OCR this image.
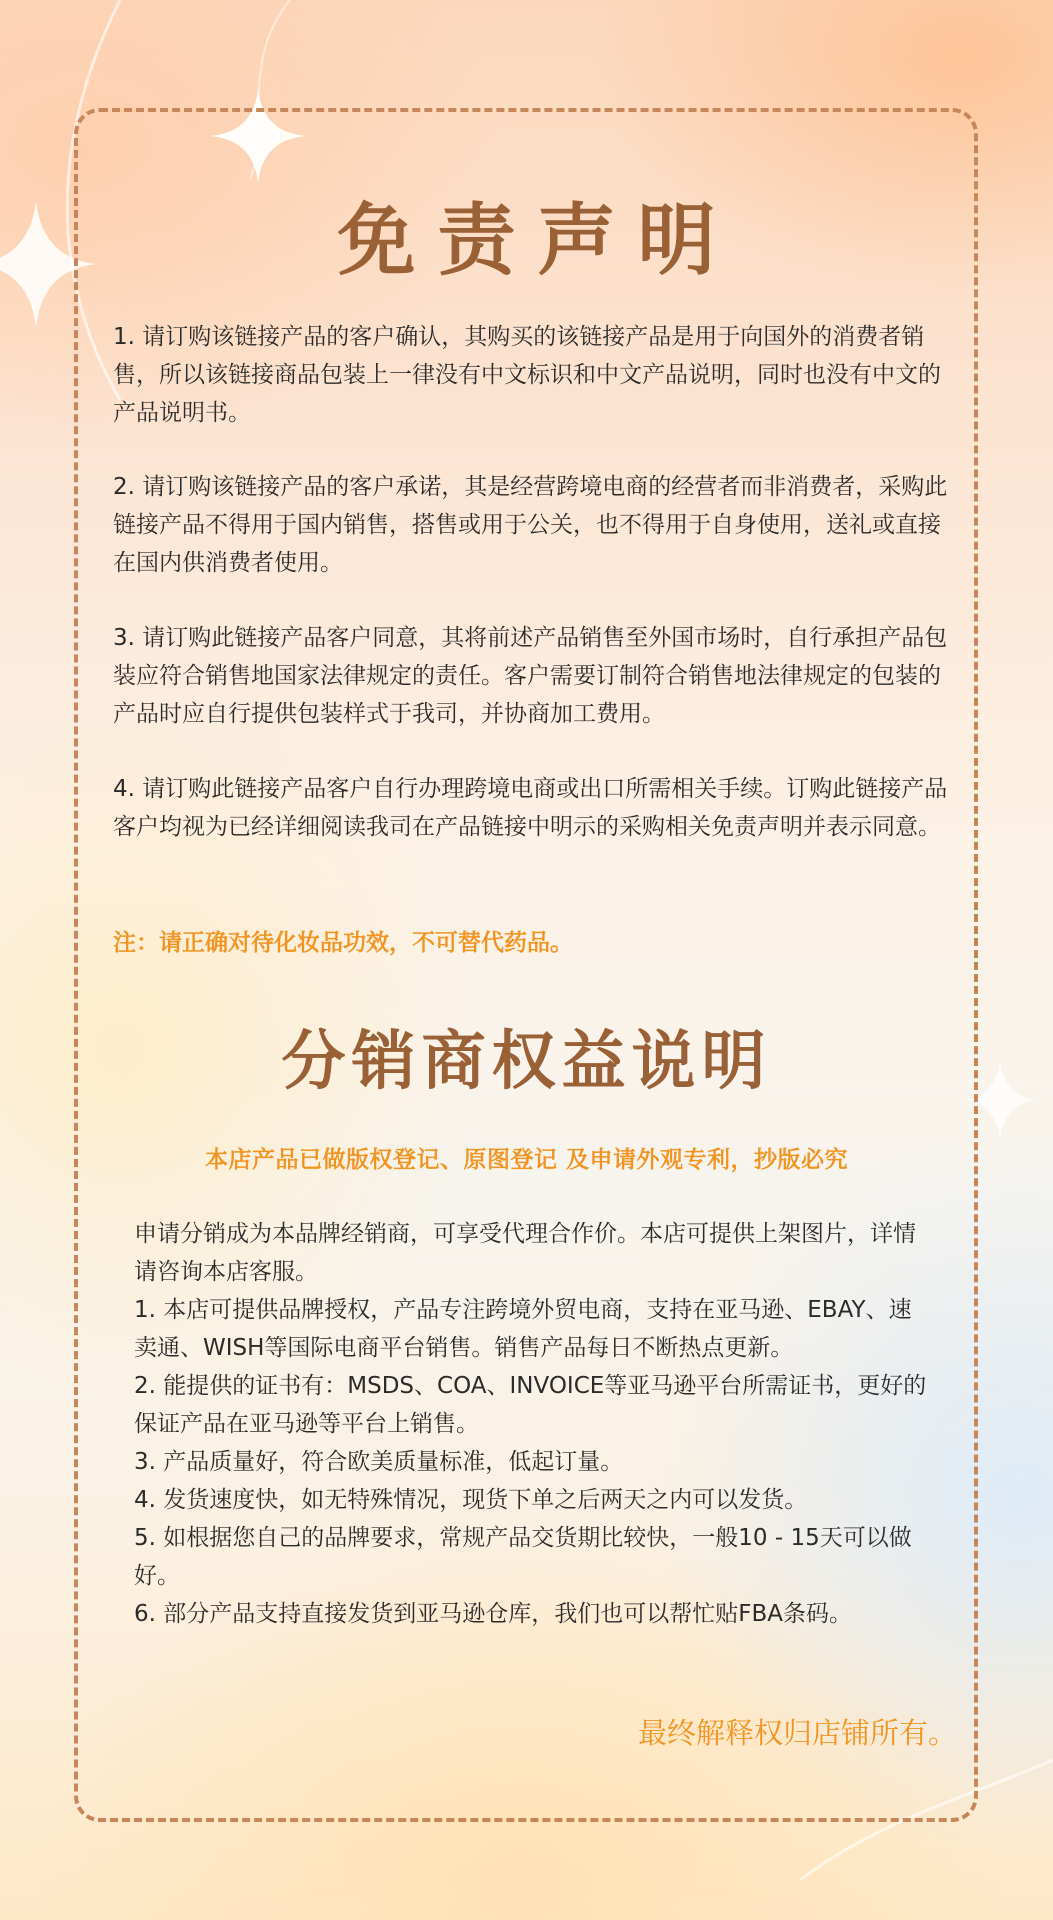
免责声明

1. 请订购该链接产品的客户确认，其购买的该链接产品是用于向国外的消费者销售，所以该链接商品包装上一律没有中文标识和中文产品说明，同时也没有中文的产品说明书。

2. 请订购该链接产品的客户承诺，其是经营跨境电商的经营者而非消费者，采购此链接产品不得用于国内销售，搭售或用于公关，也不得用于自身使用，送礼或直接在国内供消费者使用。

3. 请订购此链接产品客户同意，其将前述产品销售至外国市场时，自行承担产品包装应符合销售地国家法律规定的责任。客户需要订制符合销售地法律规定的包装的产品时应自行提供包装样式于我司，并协商加工费用。

4. 请订购此链接产品客户自行办理跨境电商或出口所需相关手续。订购此链接产品客户均视为已经详细阅读我司在产品链接中明示的采购相关免责声明并表示同意。

注：请正确对待化妆品功效，不可替代药品。

分销商权益说明

本店产品已做版权登记、原图登记 及申请外观专利，抄版必究

申请分销成为本品牌经销商，可享受代理合作价。本店可提供上架图片，详情请咨询本店客服。
1. 本店可提供品牌授权，产品专注跨境外贸电商，支持在亚马逊、EBAY、速卖通、WISH等国际电商平台销售。销售产品每日不断热点更新。
2. 能提供的证书有：MSDS、COA、INVOICE等亚马逊平台所需证书，更好的保证产品在亚马逊等平台上销售。
3. 产品质量好，符合欧美质量标准，低起订量。
4. 发货速度快，如无特殊情况，现货下单之后两天之内可以发货。
5. 如根据您自己的品牌要求，常规产品交货期比较快，一般10 - 15天可以做好。
6. 部分产品支持直接发货到亚马逊仓库，我们也可以帮忙贴FBA条码。

最终解释权归店铺所有。
